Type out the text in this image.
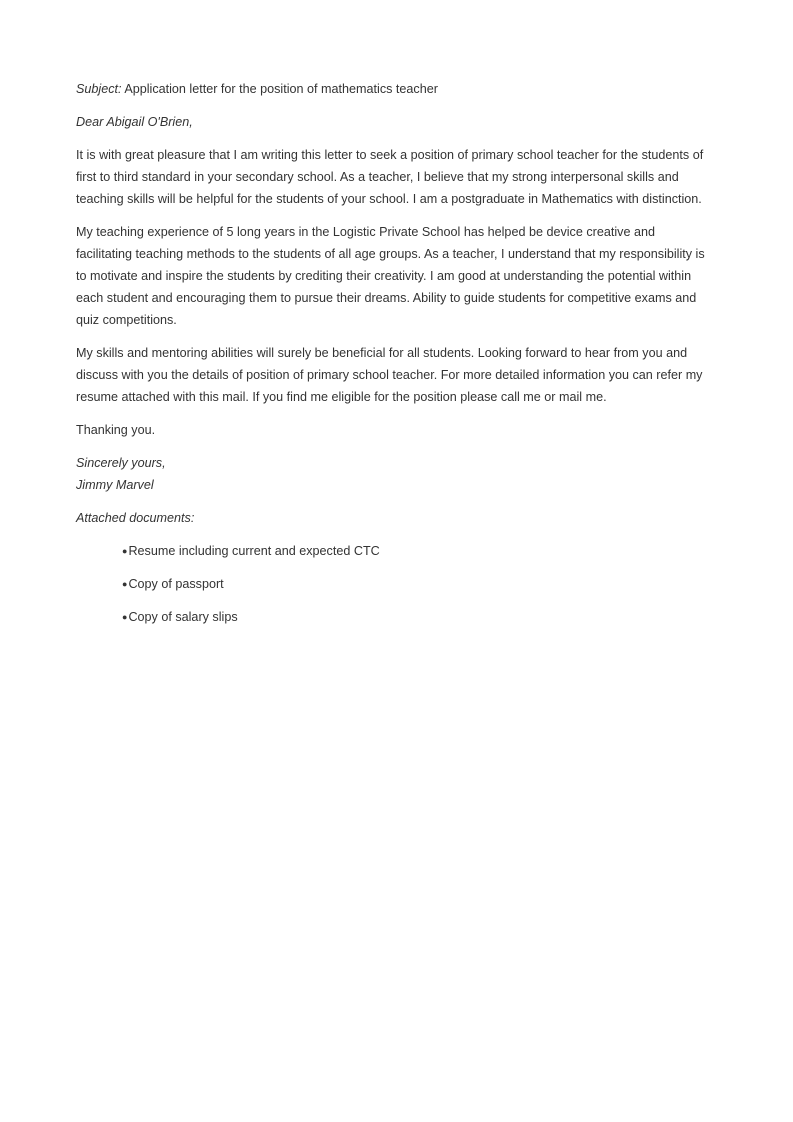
Subject: Application letter for the position of mathematics teacher

Dear Abigail O'Brien,

It is with great pleasure that I am writing this letter to seek a position of primary school teacher for the students of first to third standard in your secondary school. As a teacher, I believe that my strong interpersonal skills and teaching skills will be helpful for the students of your school. I am a postgraduate in Mathematics with distinction.

My teaching experience of 5 long years in the Logistic Private School has helped be device creative and facilitating teaching methods to the students of all age groups. As a teacher, I understand that my responsibility is to motivate and inspire the students by crediting their creativity. I am good at understanding the potential within each student and encouraging them to pursue their dreams. Ability to guide students for competitive exams and quiz competitions.

My skills and mentoring abilities will surely be beneficial for all students. Looking forward to hear from you and discuss with you the details of position of primary school teacher. For more detailed information you can refer my resume attached with this mail. If you find me eligible for the position please call me or mail me.

Thanking you.

Sincerely yours,
Jimmy Marvel

Attached documents:

●Resume including current and expected CTC
●Copy of passport
●Copy of salary slips
